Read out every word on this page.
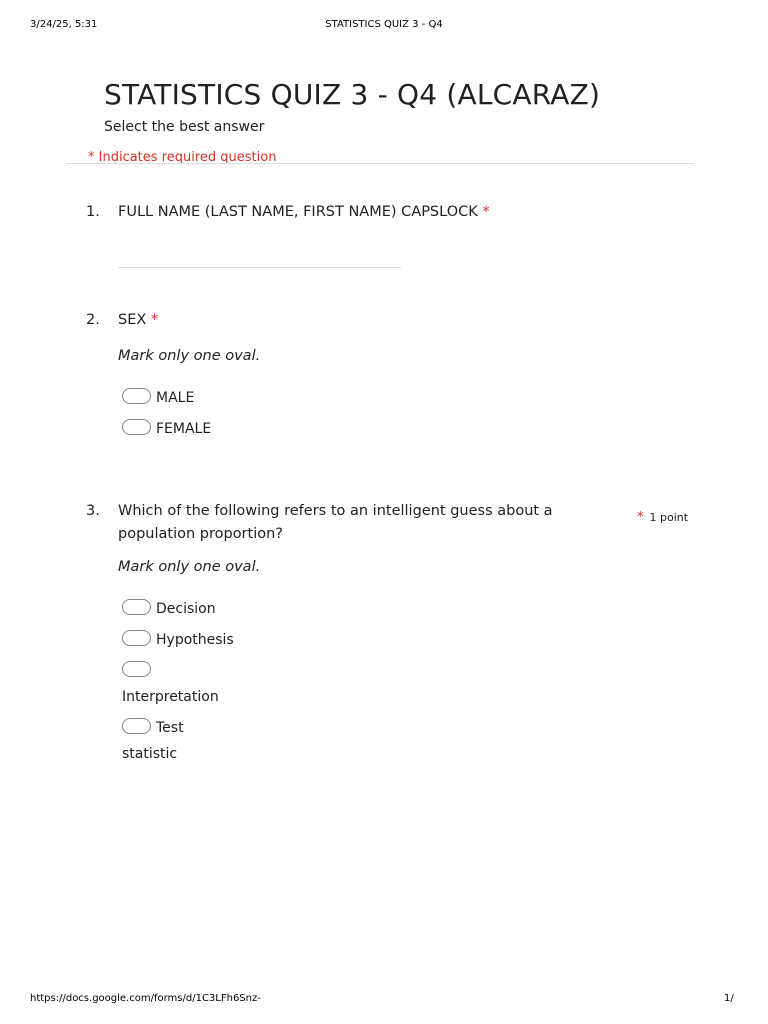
3/24/25, 5:31	STATISTICS QUIZ 3 - Q4
STATISTICS QUIZ 3 - Q4 (ALCARAZ)
Select the best answer
* Indicates required question
1. FULL NAME (LAST NAME, FIRST NAME) CAPSLOCK *
2. SEX *
Mark only one oval.
MALE
FEMALE
3. Which of the following refers to an intelligent guess about a
population proportion?
* 1 point
Mark only one oval.
Decision
Hypothesis
Interpretation
Test
statistic
https://docs.google.com/forms/d/1C3LFh6Snz-	1/
